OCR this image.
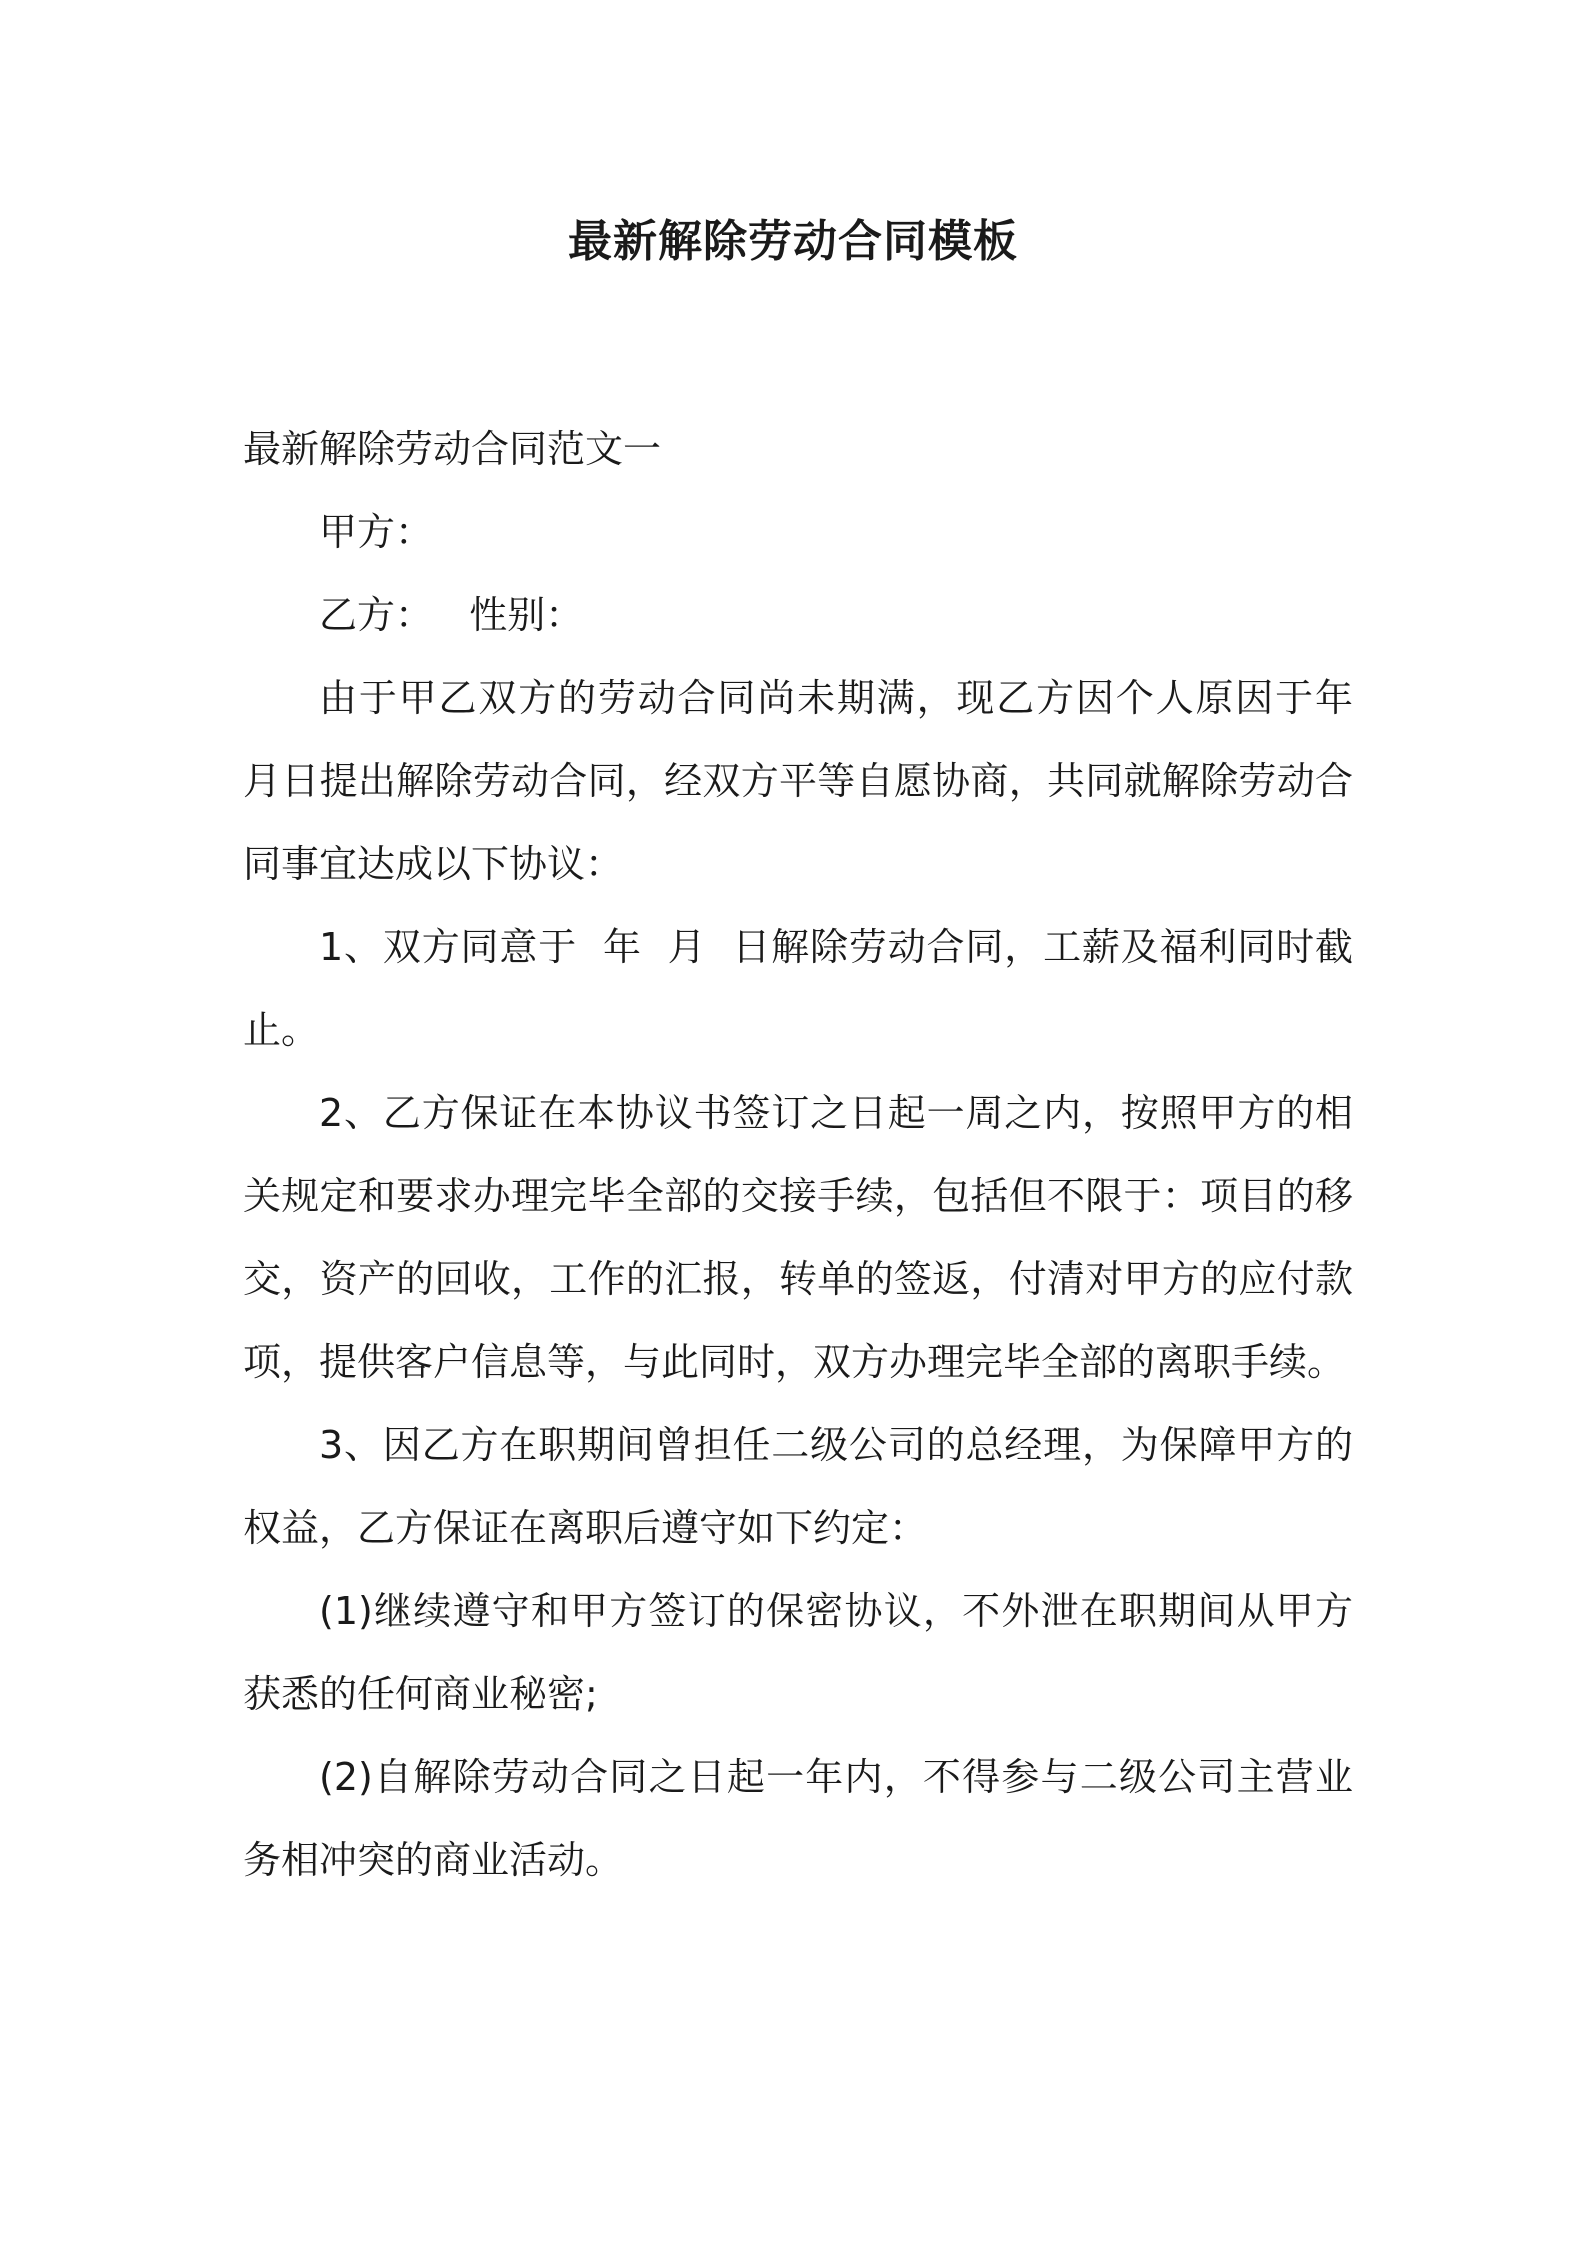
最新解除劳动合同模板

最新解除劳动合同范文一

甲方：

乙方：   性别：

由于甲乙双方的劳动合同尚未期满，现乙方因个人原因于年  月日提出解除劳动合同，经双方平等自愿协商，共同就解除劳动合同事宜达成以下协议：

1、双方同意于  年  月  日解除劳动合同，工薪及福利同时截止。

2、乙方保证在本协议书签订之日起一周之内，按照甲方的相关规定和要求办理完毕全部的交接手续，包括但不限于：项目的移交，资产的回收，工作的汇报，转单的签返，付清对甲方的应付款项，提供客户信息等，与此同时，双方办理完毕全部的离职手续。

3、因乙方在职期间曾担任二级公司的总经理，为保障甲方的权益，乙方保证在离职后遵守如下约定：

(1)继续遵守和甲方签订的保密协议，不外泄在职期间从甲方获悉的任何商业秘密;

(2)自解除劳动合同之日起一年内，不得参与二级公司主营业务相冲突的商业活动。
